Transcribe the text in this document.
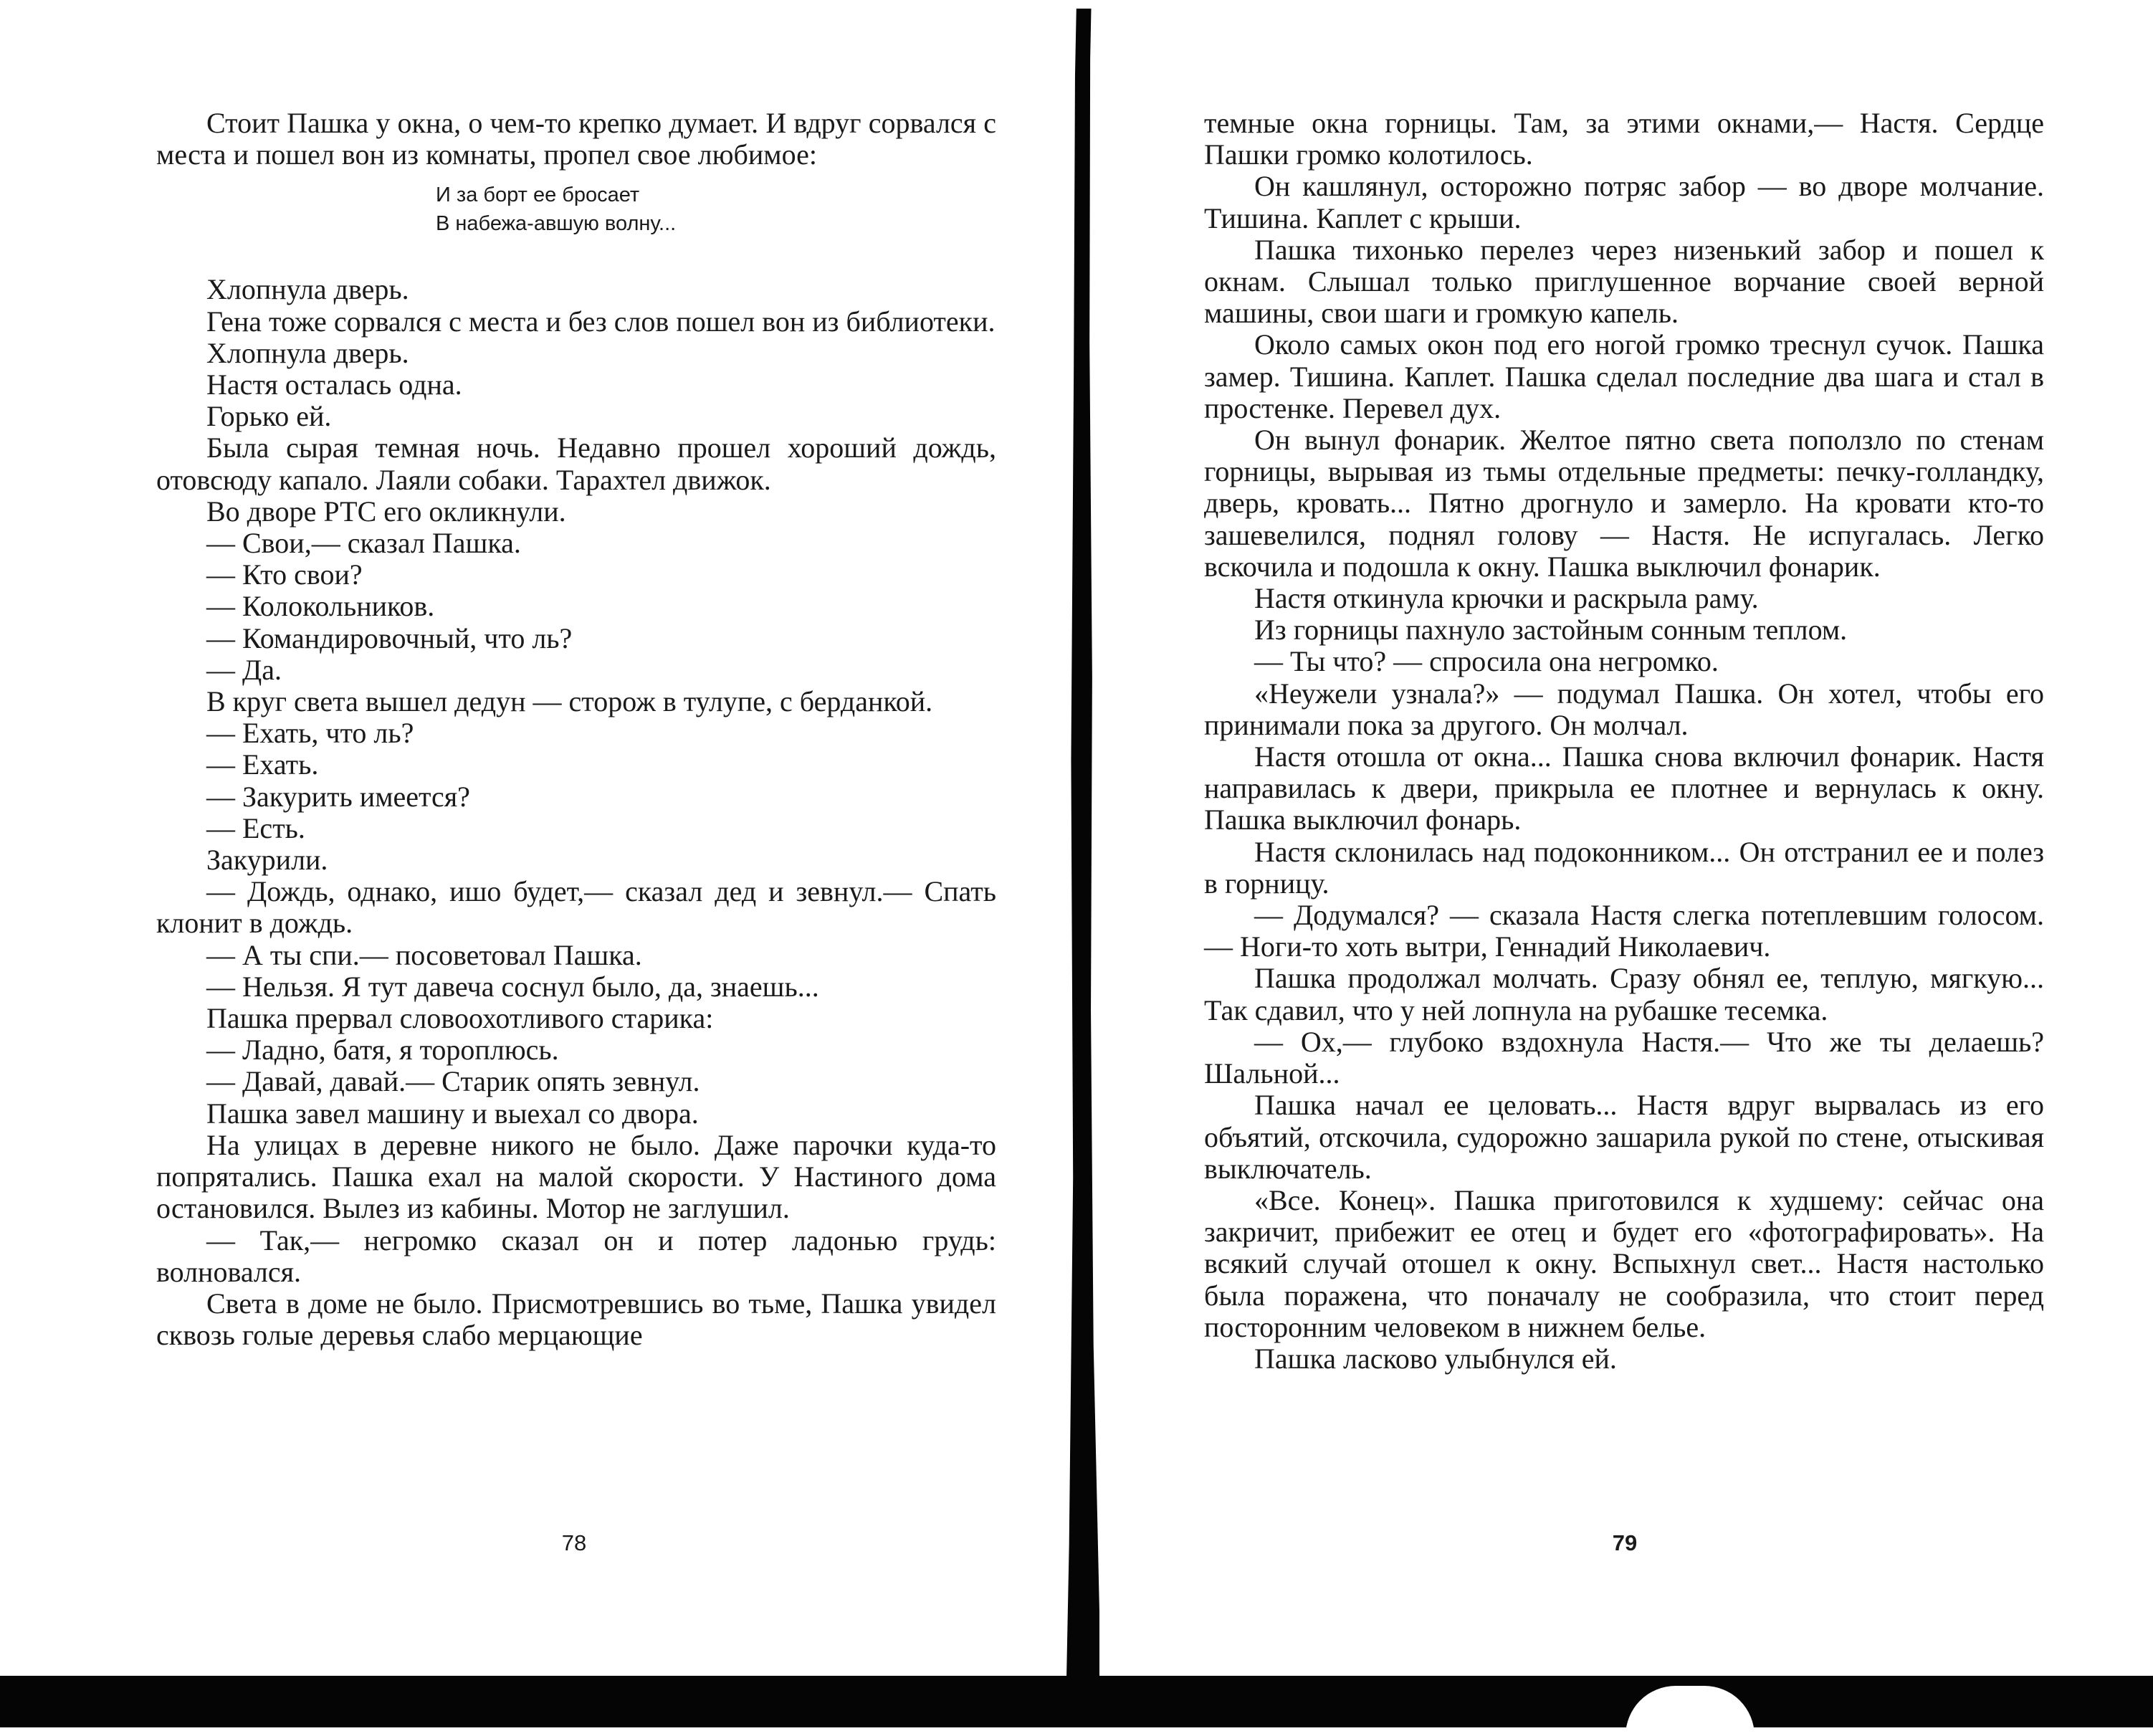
Стоит Пашка у окна, о чем-то крепко думает. И вдруг сорвался с места и пошел вон из комнаты, пропел свое любимое:

И за борт ее бросает
В набежа-авшую волну...

Хлопнула дверь.

Гена тоже сорвался с места и без слов пошел вон из библиотеки.

Хлопнула дверь.

Настя осталась одна.

Горько ей.

Была сырая темная ночь. Недавно прошел хороший дождь, отовсюду капало. Лаяли собаки. Тарахтел движок.

Во дворе РТС его окликнули.

— Свои,— сказал Пашка.

— Кто свои?

— Колокольников.

— Командировочный, что ль?

— Да.

В круг света вышел дедун — сторож в тулупе, с берданкой.

— Ехать, что ль?

— Ехать.

— Закурить имеется?

— Есть.

Закурили.

— Дождь, однако, ишо будет,— сказал дед и зевнул.— Спать клонит в дождь.

— А ты спи.— посоветовал Пашка.

— Нельзя. Я тут давеча соснул было, да, знаешь...

Пашка прервал словоохотливого старика:

— Ладно, батя, я тороплюсь.

— Давай, давай.— Старик опять зевнул.

Пашка завел машину и выехал со двора.

На улицах в деревне никого не было. Даже парочки куда-то попрятались. Пашка ехал на малой скорости. У Настиного дома остановился. Вылез из кабины. Мотор не заглушил.

— Так,— негромко сказал он и потер ладонью грудь: волновался.

Света в доме не было. Присмотревшись во тьме, Пашка увидел сквозь голые деревья слабо мерцающие

78

темные окна горницы. Там, за этими окнами,— Настя. Сердце Пашки громко колотилось.

Он кашлянул, осторожно потряс забор — во дворе молчание. Тишина. Каплет с крыши.

Пашка тихонько перелез через низенький забор и пошел к окнам. Слышал только приглушенное ворчание своей верной машины, свои шаги и громкую капель.

Около самых окон под его ногой громко треснул сучок. Пашка замер. Тишина. Каплет. Пашка сделал последние два шага и стал в простенке. Перевел дух.

Он вынул фонарик. Желтое пятно света поползло по стенам горницы, вырывая из тьмы отдельные предметы: печку-голландку, дверь, кровать... Пятно дрогнуло и замерло. На кровати кто-то зашевелился, поднял голову — Настя. Не испугалась. Легко вскочила и подошла к окну. Пашка выключил фонарик.

Настя откинула крючки и раскрыла раму.

Из горницы пахнуло застойным сонным теплом.

— Ты что? — спросила она негромко.

«Неужели узнала?» — подумал Пашка. Он хотел, чтобы его принимали пока за другого. Он молчал.

Настя отошла от окна... Пашка снова включил фонарик. Настя направилась к двери, прикрыла ее плотнее и вернулась к окну. Пашка выключил фонарь.

Настя склонилась над подоконником... Он отстранил ее и полез в горницу.

— Додумался? — сказала Настя слегка потеплевшим голосом.— Ноги-то хоть вытри, Геннадий Николаевич.

Пашка продолжал молчать. Сразу обнял ее, теплую, мягкую... Так сдавил, что у ней лопнула на рубашке тесемка.

— Ох,— глубоко вздохнула Настя.— Что же ты делаешь? Шальной...

Пашка начал ее целовать... Настя вдруг вырвалась из его объятий, отскочила, судорожно зашарила рукой по стене, отыскивая выключатель.

«Все. Конец». Пашка приготовился к худшему: сейчас она закричит, прибежит ее отец и будет его «фотографировать». На всякий случай отошел к окну. Вспыхнул свет... Настя настолько была поражена, что поначалу не сообразила, что стоит перед посторонним человеком в нижнем белье.

Пашка ласково улыбнулся ей.

79
